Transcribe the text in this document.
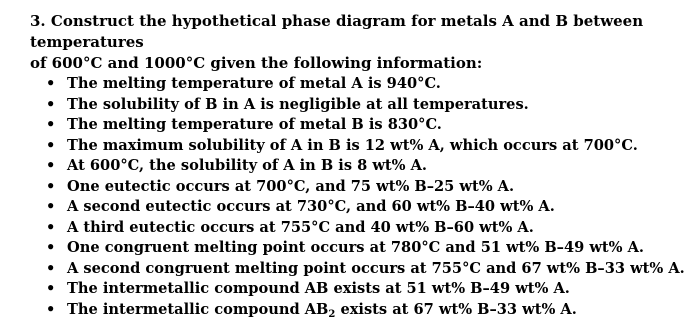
3. Construct the hypothetical phase diagram for metals A and B between temperatures
of 600°C and 1000°C given the following information:

• The melting temperature of metal A is 940°C.
• The solubility of B in A is negligible at all temperatures.
• The melting temperature of metal B is 830°C.
• The maximum solubility of A in B is 12 wt% A, which occurs at 700°C.
• At 600°C, the solubility of A in B is 8 wt% A.
• One eutectic occurs at 700°C, and 75 wt% B–25 wt% A.
• A second eutectic occurs at 730°C, and 60 wt% B–40 wt% A.
• A third eutectic occurs at 755°C and 40 wt% B–60 wt% A.
• One congruent melting point occurs at 780°C and 51 wt% B–49 wt% A.
• A second congruent melting point occurs at 755°C and 67 wt% B–33 wt% A.
• The intermetallic compound AB exists at 51 wt% B–49 wt% A.
• The intermetallic compound $AB_2$ exists at 67 wt% B–33 wt% A.
